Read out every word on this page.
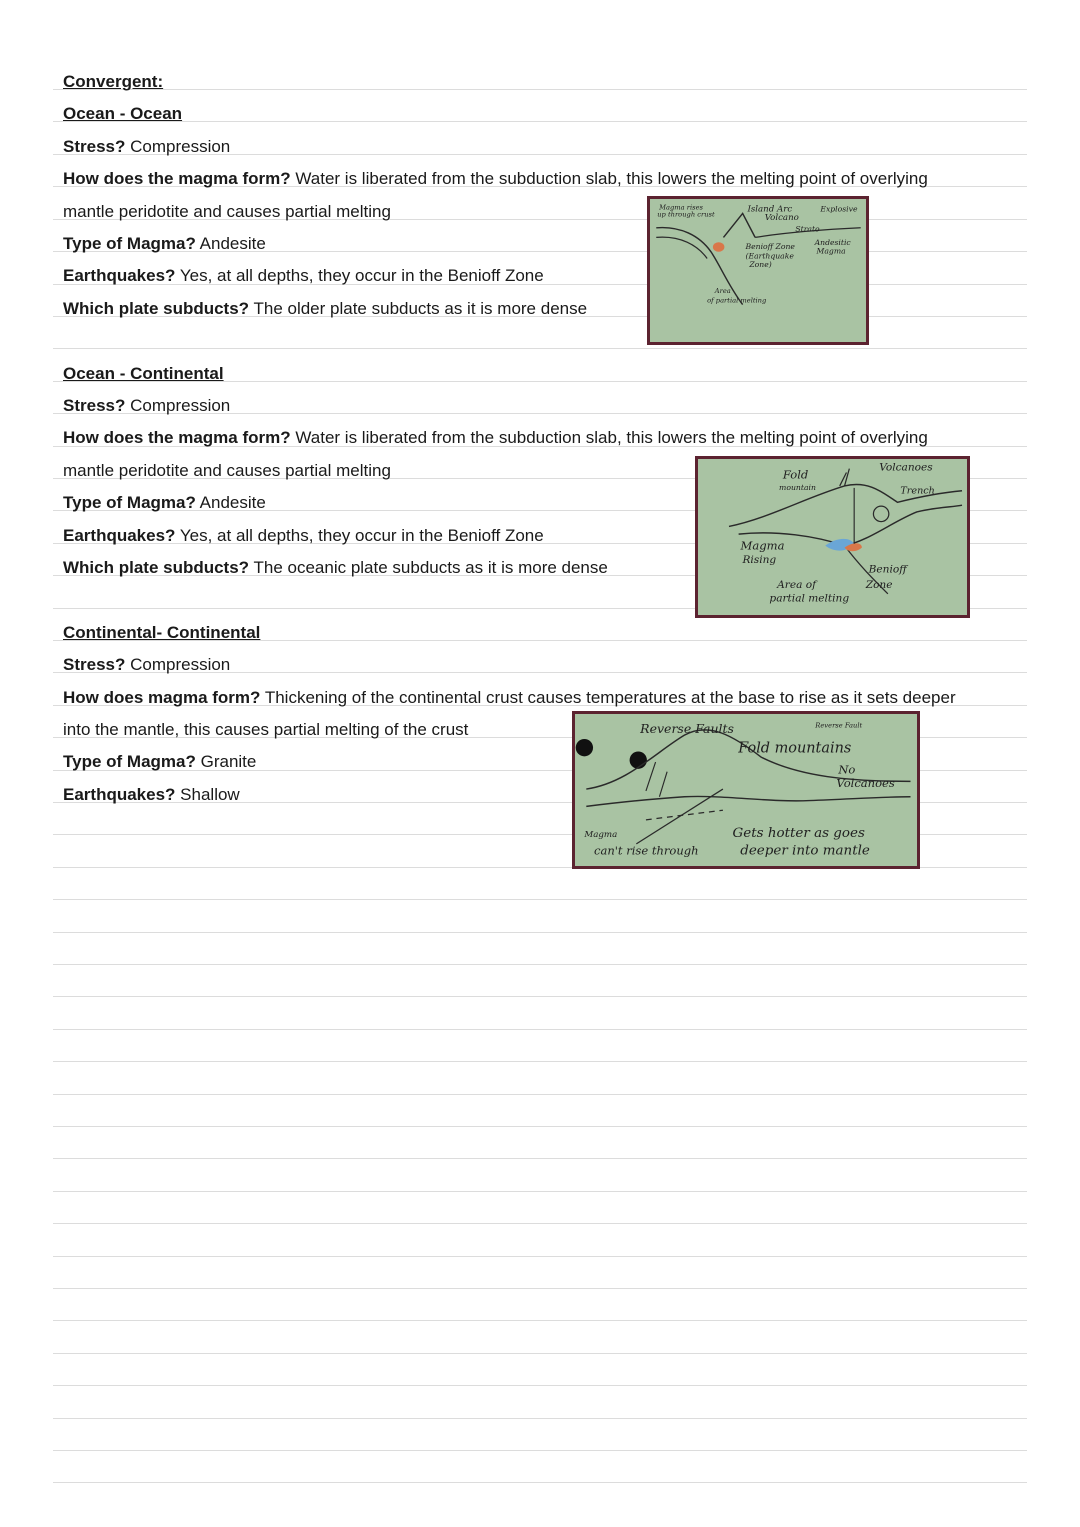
Convergent:
Ocean - Ocean
Stress? Compression
How does the magma form? Water is liberated from the subduction slab, this lowers the melting point of overlying
mantle peridotite and causes partial melting
Type of Magma? Andesite
Earthquakes? Yes, at all depths, they occur in the Benioff Zone
Which plate subducts? The older plate subducts as it is more dense
Magma rises
up through crust	Island Arc
Volcano
Explosive
Strato
Andesitic
Magma
Benioff Zone
(Earthquake
Zone)
Area
of partial melting
Ocean - Continental
Stress? Compression
How does the magma form? Water is liberated from the subduction slab, this lowers the melting point of overlying
mantle peridotite and causes partial melting
Type of Magma? Andesite
Earthquakes? Yes, at all depths, they occur in the Benioff Zone
Which plate subducts? The oceanic plate subducts as it is more dense
Fold
mountain
Volcanoes
Trench
Magma
Rising
Area of
partial melting
Benioff
Zone
Continental- Continental
Stress? Compression
How does magma form? Thickening of the continental crust causes temperatures at the base to rise as it sets deeper
into the mantle, this causes partial melting of the crust
Type of Magma? Granite
Earthquakes? Shallow
Reverse Faults	Reverse Fault
Fold mountains
No
Volcanoes
Magma
can't rise through
Gets hotter as goes
deeper into mantle
